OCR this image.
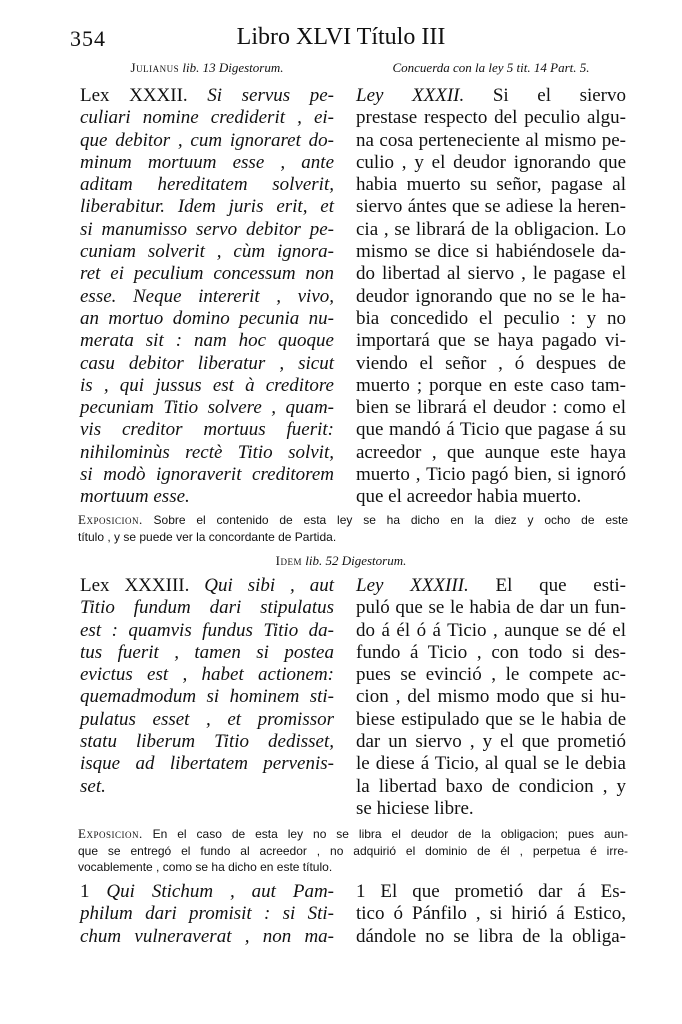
354	Libro XLVI Título III
Julianus lib. 13 Digestorum.	Concuerda con la ley 5 tit. 14 Part. 5.
Lex XXXII. Si servus pe-
culiari nomine crediderit , ei-
que debitor , cum ignoraret do-
minum mortuum esse , ante
aditam hereditatem solverit,
liberabitur. Idem juris erit, et
si manumisso servo debitor pe-
cuniam solverit , cùm ignora-
ret ei peculium concessum non
esse. Neque intererit , vivo,
an mortuo domino pecunia nu-
merata sit : nam hoc quoque
casu debitor liberatur , sicut
is , qui jussus est à creditore
pecuniam Titio solvere , quam-
vis creditor mortuus fuerit:
nihilominùs rectè Titio solvit,
si modò ignoraverit creditorem
mortuum esse.
Ley XXXII. Si el siervo
prestase respecto del peculio algu-
na cosa perteneciente al mismo pe-
culio , y el deudor ignorando que
habia muerto su señor, pagase al
siervo ántes que se adiese la heren-
cia , se librará de la obligacion. Lo
mismo se dice si habiéndosele da-
do libertad al siervo , le pagase el
deudor ignorando que no se le ha-
bia concedido el peculio : y no
importará que se haya pagado vi-
viendo el señor , ó despues de
muerto ; porque en este caso tam-
bien se librará el deudor : como el
que mandó á Ticio que pagase á su
acreedor , que aunque este haya
muerto , Ticio pagó bien, si ignoró
que el acreedor habia muerto.
Exposicion. Sobre el contenido de esta ley se ha dicho en la diez y ocho de este
título , y se puede ver la concordante de Partida.
Idem lib. 52 Digestorum.
Lex XXXIII. Qui sibi , aut
Titio fundum dari stipulatus
est : quamvis fundus Titio da-
tus fuerit , tamen si postea
evictus est , habet actionem:
quemadmodum si hominem sti-
pulatus esset , et promissor
statu liberum Titio dedisset,
isque ad libertatem pervenis-
set.
Ley XXXIII. El que esti-
puló que se le habia de dar un fun-
do á él ó á Ticio , aunque se dé el
fundo á Ticio , con todo si des-
pues se evinció , le compete ac-
cion , del mismo modo que si hu-
biese estipulado que se le habia de
dar un siervo , y el que prometió
le diese á Ticio, al qual se le debia
la libertad baxo de condicion , y
se hiciese libre.
Exposicion. En el caso de esta ley no se libra el deudor de la obligacion; pues aun-
que se entregó el fundo al acreedor , no adquirió el dominio de él , perpetua é irre-
vocablemente , como se ha dicho en este título.
1 Qui Stichum , aut Pam-
philum dari promisit : si Sti-
chum vulneraverat , non ma-
1 El que prometió dar á Es-
tico ó Pánfilo , si hirió á Estico,
dándole no se libra de la obliga-
